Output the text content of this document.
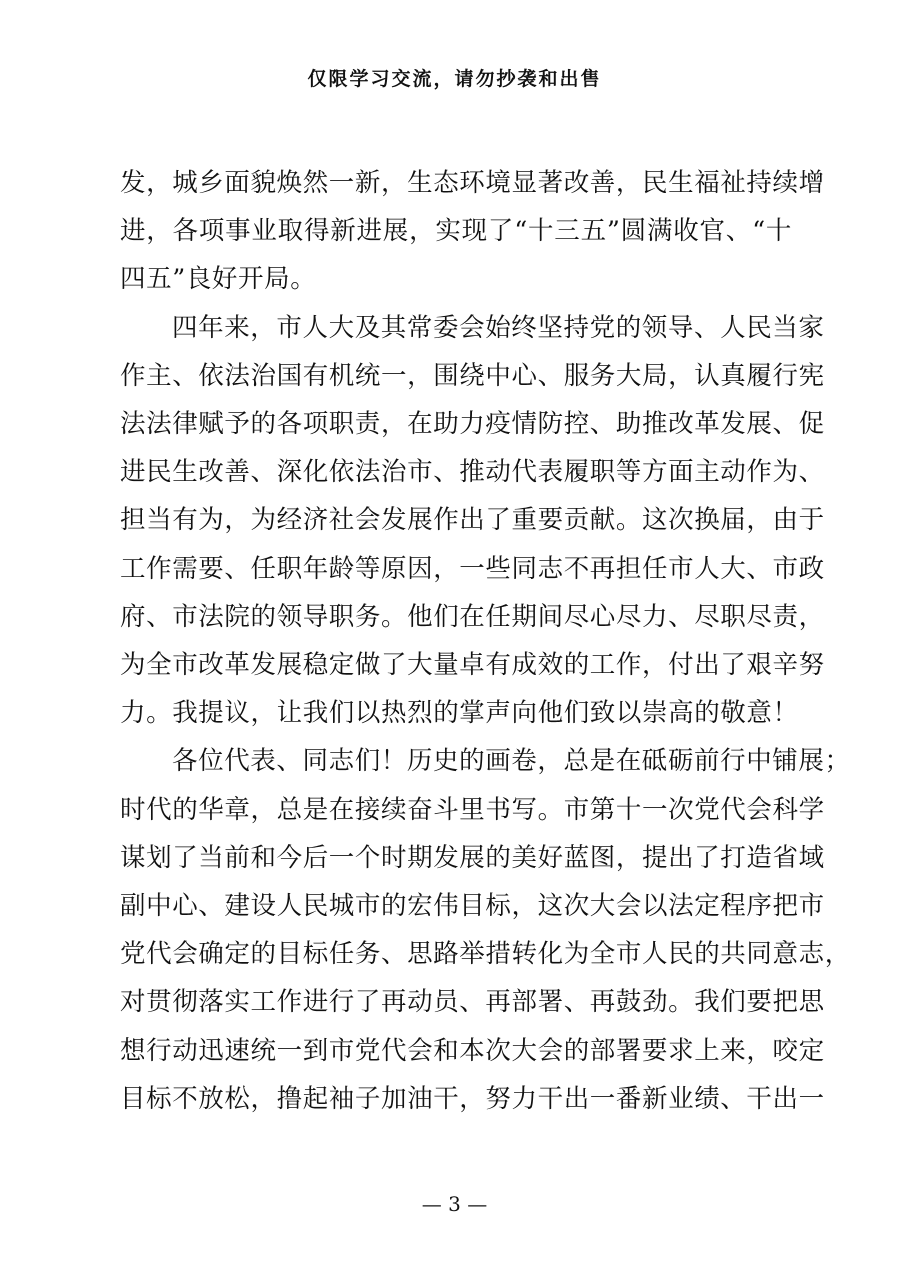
仅限学习交流，请勿抄袭和出售

发，城乡面貌焕然一新，生态环境显著改善，民生福祉持续增
进，各项事业取得新进展，实现了“十三五”圆满收官、“十
四五”良好开局。

四年来，市人大及其常委会始终坚持党的领导、人民当家
作主、依法治国有机统一，围绕中心、服务大局，认真履行宪
法法律赋予的各项职责，在助力疫情防控、助推改革发展、促
进民生改善、深化依法治市、推动代表履职等方面主动作为、
担当有为，为经济社会发展作出了重要贡献。这次换届，由于
工作需要、任职年龄等原因，一些同志不再担任市人大、市政
府、市法院的领导职务。他们在任期间尽心尽力、尽职尽责，
为全市改革发展稳定做了大量卓有成效的工作，付出了艰辛努
力。我提议，让我们以热烈的掌声向他们致以崇高的敬意！

各位代表、同志们！历史的画卷，总是在砥砺前行中铺展；
时代的华章，总是在接续奋斗里书写。市第十一次党代会科学
谋划了当前和今后一个时期发展的美好蓝图，提出了打造省域
副中心、建设人民城市的宏伟目标，这次大会以法定程序把市
党代会确定的目标任务、思路举措转化为全市人民的共同意志，
对贯彻落实工作进行了再动员、再部署、再鼓劲。我们要把思
想行动迅速统一到市党代会和本次大会的部署要求上来，咬定
目标不放松，撸起袖子加油干，努力干出一番新业绩、干出一

— 3 —
